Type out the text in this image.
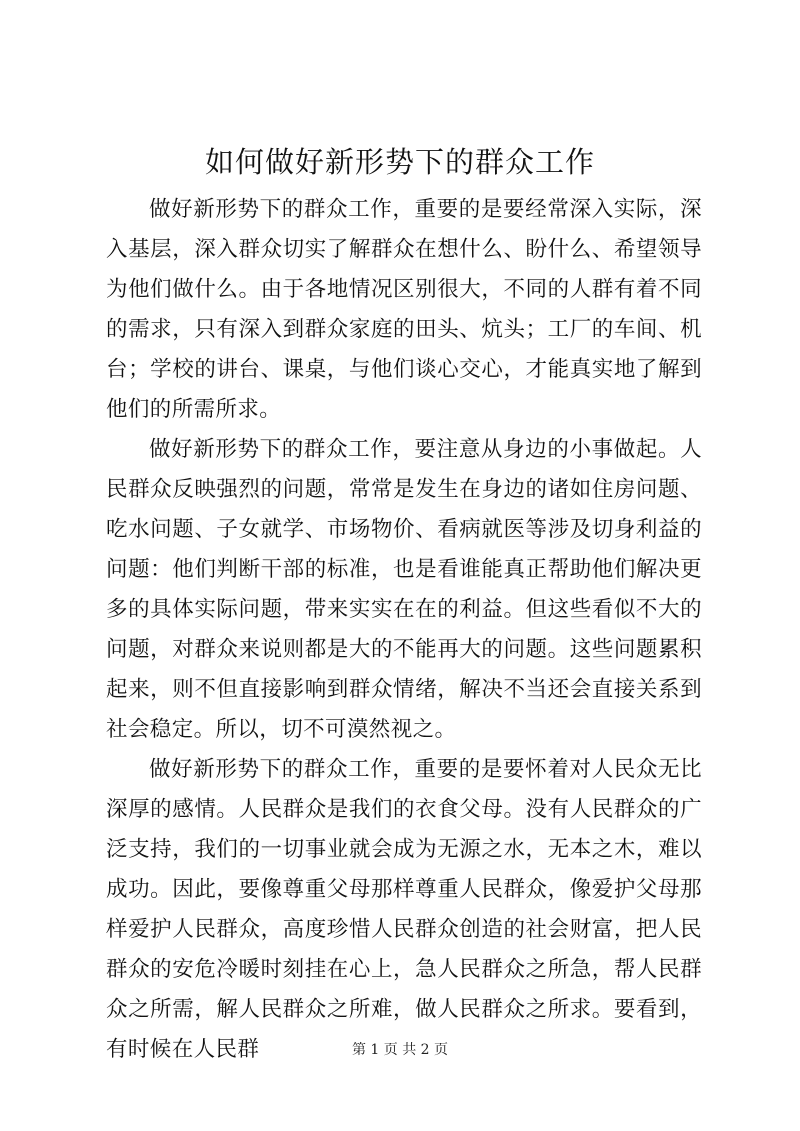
如何做好新形势下的群众工作

做好新形势下的群众工作，重要的是要经常深入实际，深入基层，深入群众切实了解群众在想什么、盼什么、希望领导为他们做什么。由于各地情况区别很大，不同的人群有着不同的需求，只有深入到群众家庭的田头、炕头；工厂的车间、机台；学校的讲台、课桌，与他们谈心交心，才能真实地了解到他们的所需所求。

做好新形势下的群众工作，要注意从身边的小事做起。人民群众反映强烈的问题，常常是发生在身边的诸如住房问题、吃水问题、子女就学、市场物价、看病就医等涉及切身利益的问题：他们判断干部的标准，也是看谁能真正帮助他们解决更多的具体实际问题，带来实实在在的利益。但这些看似不大的问题，对群众来说则都是大的不能再大的问题。这些问题累积起来，则不但直接影响到群众情绪，解决不当还会直接关系到社会稳定。所以，切不可漠然视之。

做好新形势下的群众工作，重要的是要怀着对人民众无比深厚的感情。人民群众是我们的衣食父母。没有人民群众的广泛支持，我们的一切事业就会成为无源之水，无本之木，难以成功。因此，要像尊重父母那样尊重人民群众，像爱护父母那样爱护人民群众，高度珍惜人民群众创造的社会财富，把人民群众的安危冷暖时刻挂在心上，急人民群众之所急，帮人民群众之所需，解人民群众之所难，做人民群众之所求。要看到，有时候在人民群	第 1 页 共 2 页
